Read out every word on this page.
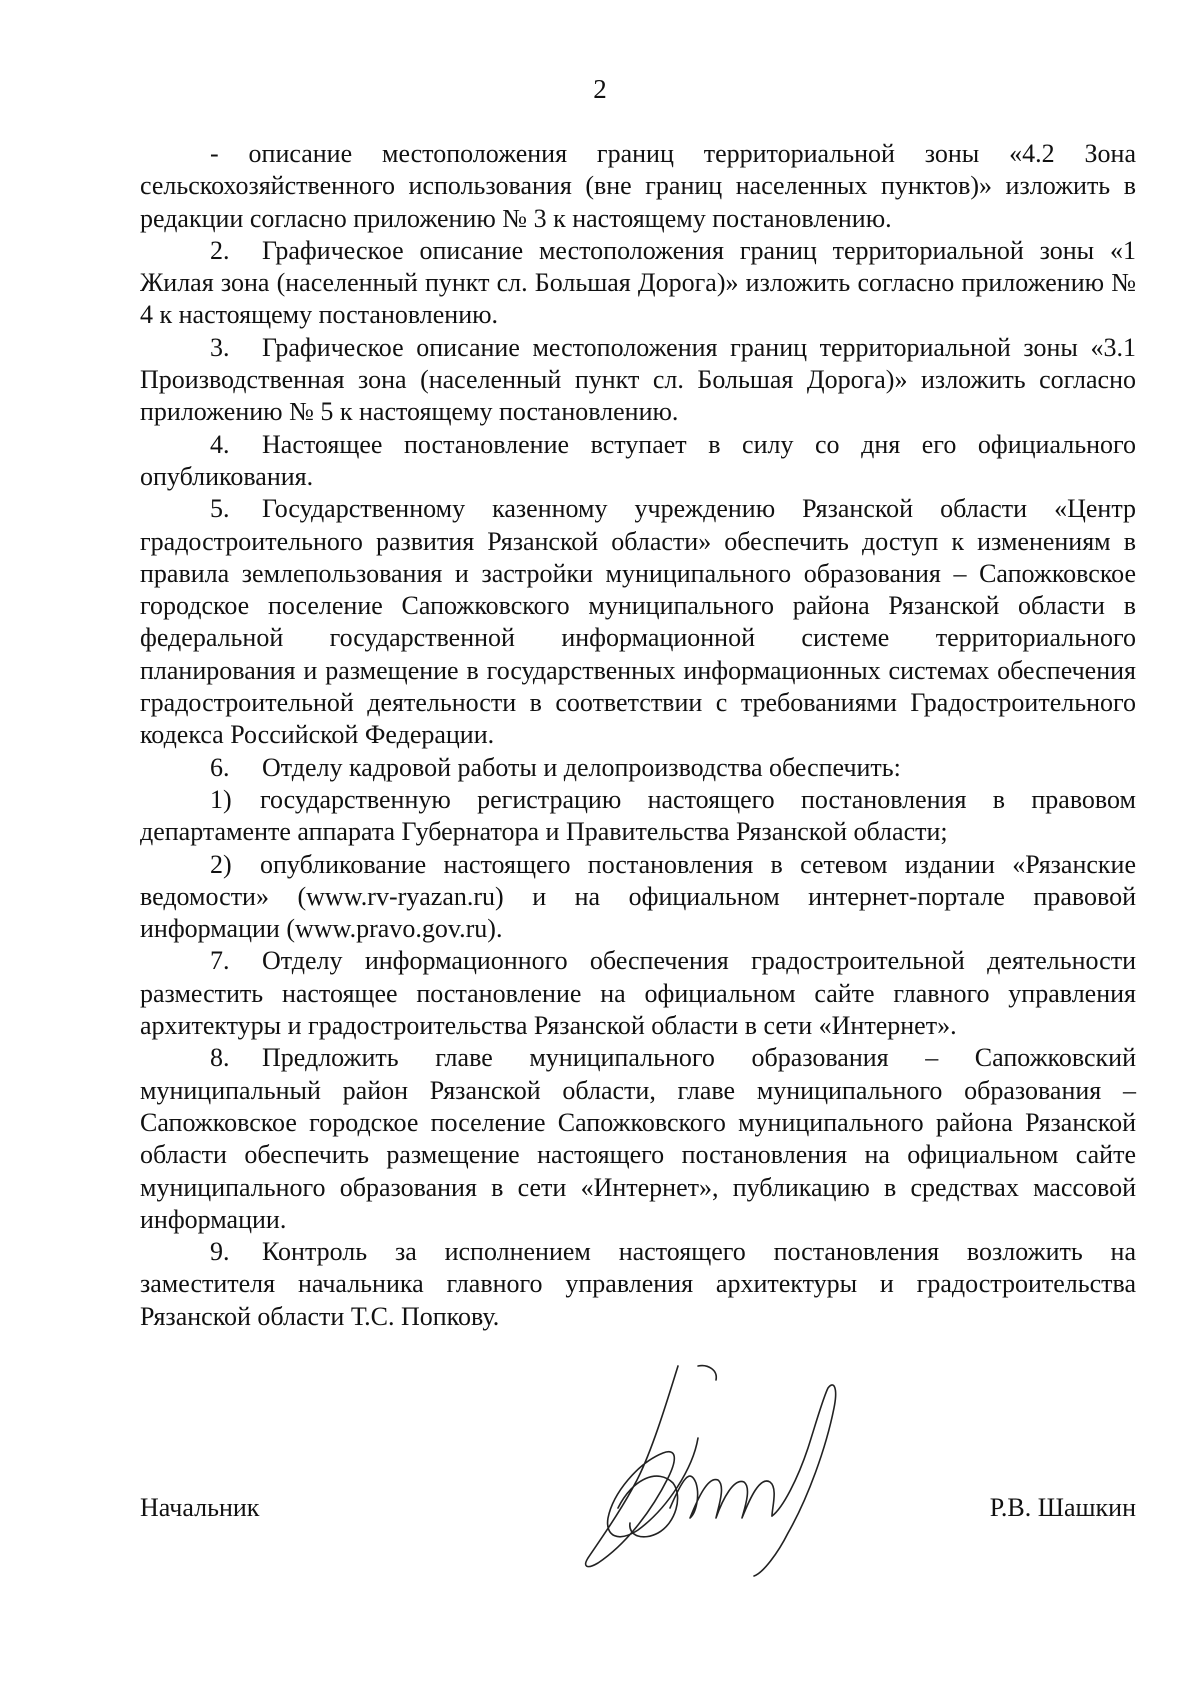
2

- описание местоположения границ территориальной зоны «4.2 Зона сельскохозяйственного использования (вне границ населенных пунктов)» изложить в редакции согласно приложению № 3 к настоящему постановлению.

2. Графическое описание местоположения границ территориальной зоны «1 Жилая зона (населенный пункт сл. Большая Дорога)» изложить согласно приложению № 4 к настоящему постановлению.

3. Графическое описание местоположения границ территориальной зоны «3.1 Производственная зона (населенный пункт сл. Большая Дорога)» изложить согласно приложению № 5 к настоящему постановлению.

4. Настоящее постановление вступает в силу со дня его официального опубликования.

5. Государственному казенному учреждению Рязанской области «Центр градостроительного развития Рязанской области» обеспечить доступ к изменениям в правила землепользования и застройки муниципального образования – Сапожковское городское поселение Сапожковского муниципального района Рязанской области в федеральной государственной информационной системе территориального планирования и размещение в государственных информационных системах обеспечения градостроительной деятельности в соответствии с требованиями Градостроительного кодекса Российской Федерации.

6. Отделу кадровой работы и делопроизводства обеспечить:

1) государственную регистрацию настоящего постановления в правовом департаменте аппарата Губернатора и Правительства Рязанской области;

2) опубликование настоящего постановления в сетевом издании «Рязанские ведомости» (www.rv-ryazan.ru) и на официальном интернет-портале правовой информации (www.pravo.gov.ru).

7. Отделу информационного обеспечения градостроительной деятельности разместить настоящее постановление на официальном сайте главного управления архитектуры и градостроительства Рязанской области в сети «Интернет».

8. Предложить главе муниципального образования – Сапожковский муниципальный район Рязанской области, главе муниципального образования – Сапожковское городское поселение Сапожковского муниципального района Рязанской области обеспечить размещение настоящего постановления на официальном сайте муниципального образования в сети «Интернет», публикацию в средствах массовой информации.

9. Контроль за исполнением настоящего постановления возложить на заместителя начальника главного управления архитектуры и градостроительства Рязанской области Т.С. Попкову.

Начальник	Р.В. Шашкин
